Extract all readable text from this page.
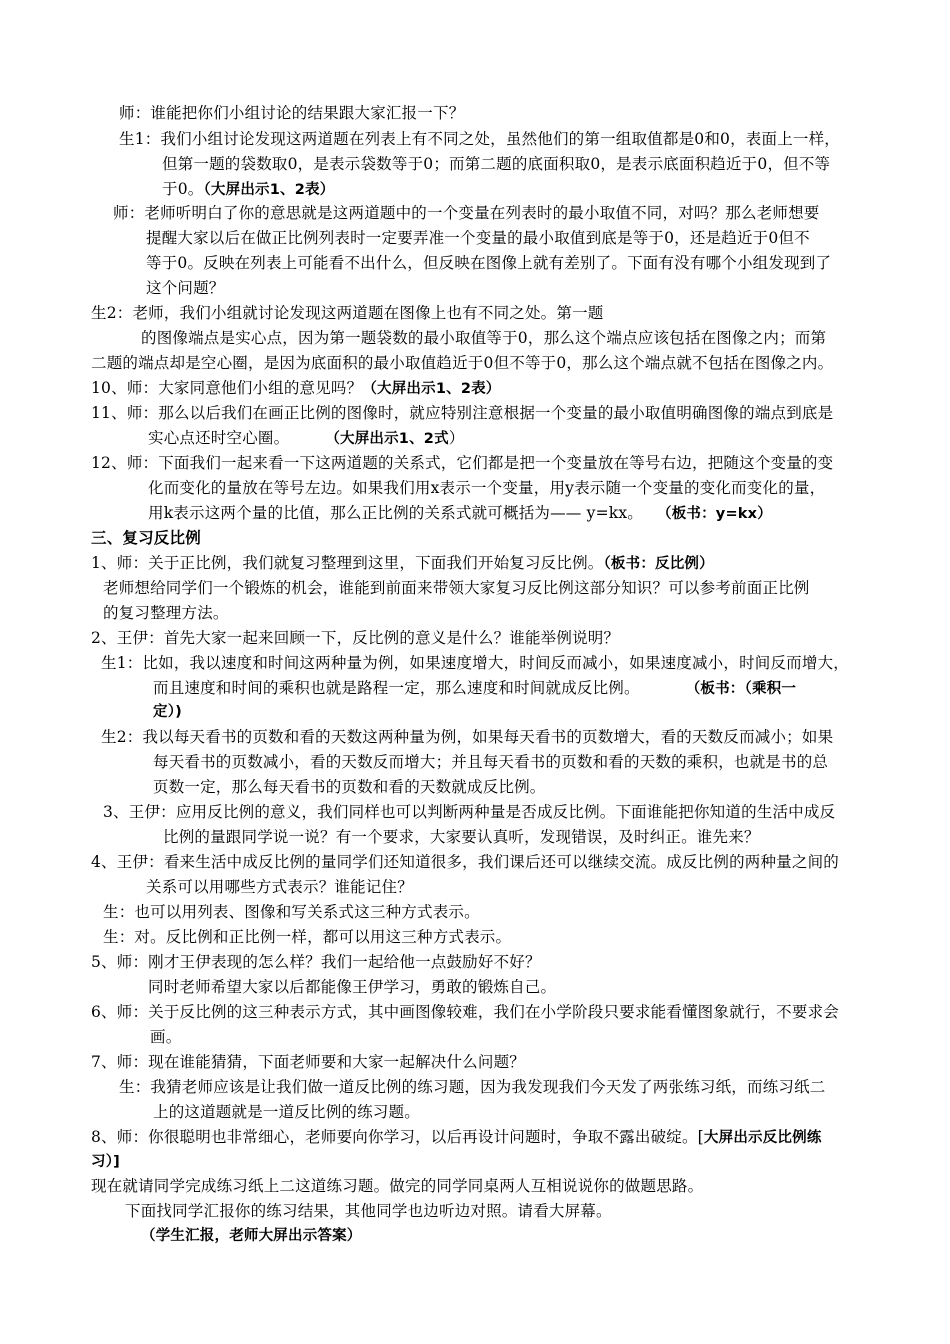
师：谁能把你们小组讨论的结果跟大家汇报一下？
生1：我们小组讨论发现这两道题在列表上有不同之处，虽然他们的第一组取值都是0和0，表面上一样，
但第一题的袋数取0，是表示袋数等于0；而第二题的底面积取0，是表示底面积趋近于0，但不等
于0。（大屏出示1、2表）
师：老师听明白了你的意思就是这两道题中的一个变量在列表时的最小取值不同，对吗？那么老师想要
提醒大家以后在做正比例列表时一定要弄准一个变量的最小取值到底是等于0，还是趋近于0但不
等于0。反映在列表上可能看不出什么，但反映在图像上就有差别了。下面有没有哪个小组发现到了
这个问题？
生2：老师，我们小组就讨论发现这两道题在图像上也有不同之处。第一题
的图像端点是实心点，因为第一题袋数的最小取值等于0，那么这个端点应该包括在图像之内；而第
二题的端点却是空心圈，是因为底面积的最小取值趋近于0但不等于0，那么这个端点就不包括在图像之内。
10、师：大家同意他们小组的意见吗？（大屏出示1、2表）
11、师：那么以后我们在画正比例的图像时，就应特别注意根据一个变量的最小取值明确图像的端点到底是
实心点还时空心圈。 （大屏出示1、2式）
12、师：下面我们一起来看一下这两道题的关系式，它们都是把一个变量放在等号右边，把随这个变量的变
化而变化的量放在等号左边。如果我们用x表示一个变量，用y表示随一个变量的变化而变化的量，
用k表示这两个量的比值，那么正比例的关系式就可概括为—— y=kx。 （板书：y=kx）
三、复习反比例
1、师：关于正比例，我们就复习整理到这里，下面我们开始复习反比例。（板书：反比例）
老师想给同学们一个锻炼的机会，谁能到前面来带领大家复习反比例这部分知识？可以参考前面正比例
的复习整理方法。
2、王伊：首先大家一起来回顾一下，反比例的意义是什么？谁能举例说明？
生1：比如，我以速度和时间这两种量为例，如果速度增大，时间反而减小，如果速度减小，时间反而增大，
而且速度和时间的乘积也就是路程一定，那么速度和时间就成反比例。	（板书：（乘积一
定）)
生2：我以每天看书的页数和看的天数这两种量为例，如果每天看书的页数增大，看的天数反而减小；如果
每天看书的页数减小，看的天数反而增大；并且每天看书的页数和看的天数的乘积，也就是书的总
页数一定，那么每天看书的页数和看的天数就成反比例。
3、王伊：应用反比例的意义，我们同样也可以判断两种量是否成反比例。下面谁能把你知道的生活中成反
比例的量跟同学说一说？有一个要求，大家要认真听，发现错误，及时纠正。谁先来？
4、王伊：看来生活中成反比例的量同学们还知道很多，我们课后还可以继续交流。成反比例的两种量之间的
关系可以用哪些方式表示？谁能记住？
生：也可以用列表、图像和写关系式这三种方式表示。
生：对。反比例和正比例一样，都可以用这三种方式表示。
5、师：刚才王伊表现的怎么样？我们一起给他一点鼓励好不好？
同时老师希望大家以后都能像王伊学习，勇敢的锻炼自己。
6、师：关于反比例的这三种表示方式，其中画图像较难，我们在小学阶段只要求能看懂图象就行，不要求会
画。
7、师：现在谁能猜猜，下面老师要和大家一起解决什么问题？
生：我猜老师应该是让我们做一道反比例的练习题，因为我发现我们今天发了两张练习纸，而练习纸二
上的这道题就是一道反比例的练习题。
8、师：你很聪明也非常细心，老师要向你学习，以后再设计问题时，争取不露出破绽。[大屏出示反比例练
习）]
现在就请同学完成练习纸上二这道练习题。做完的同学同桌两人互相说说你的做题思路。
下面找同学汇报你的练习结果，其他同学也边听边对照。请看大屏幕。
（学生汇报，老师大屏出示答案）
